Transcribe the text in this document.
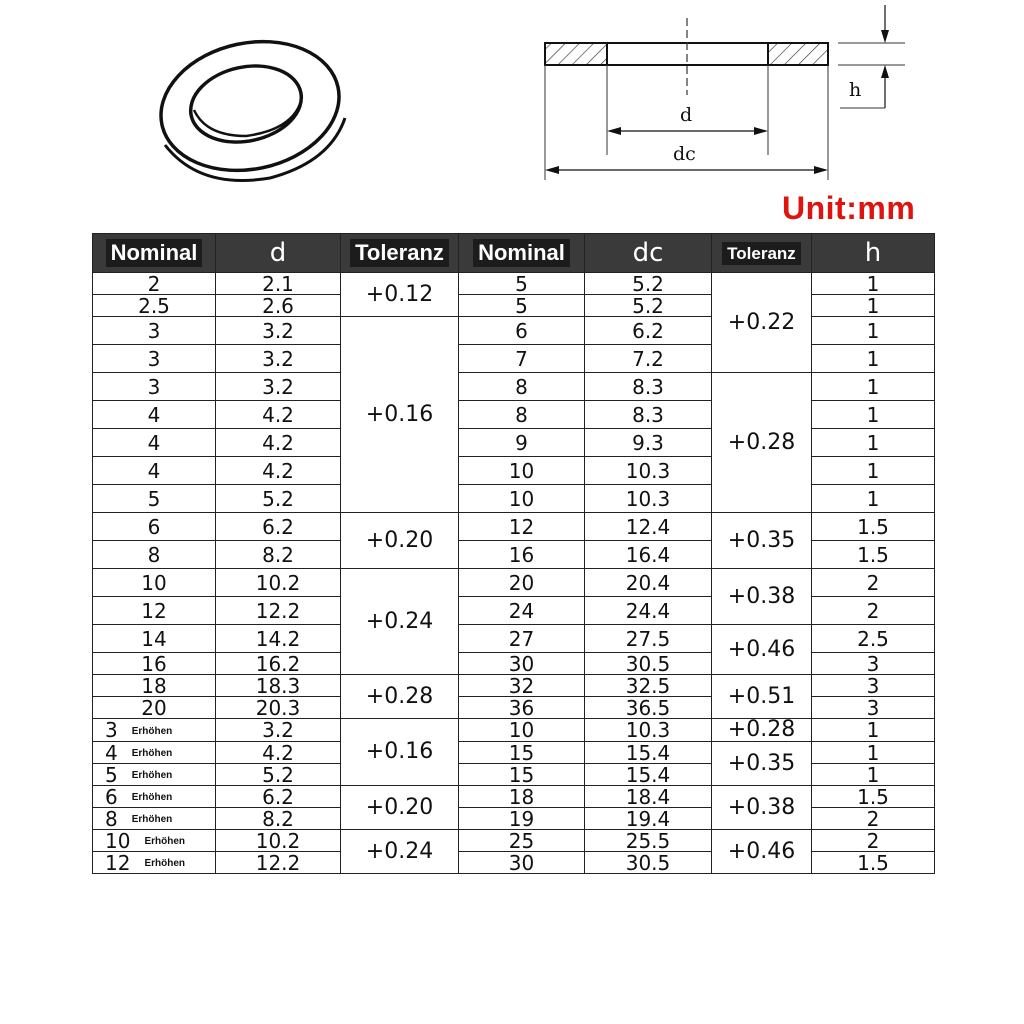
d
dc
h
Unit:mm
Nominal	d	Toleranz	Nominal	dc	Toleranz	h
2	2.1	+0.12	5	5.2	+0.22	1
2.5	2.6		5	5.2		1
3	3.2	+0.16	6	6.2		1
3	3.2		7	7.2		1
3	3.2		8	8.3	+0.28	1
4	4.2		8	8.3		1
4	4.2		9	9.3		1
4	4.2		10	10.3		1
5	5.2		10	10.3		1
6	6.2	+0.20	12	12.4	+0.35	1.5
8	8.2		16	16.4		1.5
10	10.2	+0.24	20	20.4	+0.38	2
12	12.2		24	24.4		2
14	14.2		27	27.5	+0.46	2.5
16	16.2		30	30.5		3
18	18.3	+0.28	32	32.5	+0.51	3
20	20.3		36	36.5		3
3 Erhöhen	3.2	+0.16	10	10.3	+0.28	1
4 Erhöhen	4.2		15	15.4	+0.35	1
5 Erhöhen	5.2		15	15.4		1
6 Erhöhen	6.2	+0.20	18	18.4	+0.38	1.5
8 Erhöhen	8.2		19	19.4		2
10 Erhöhen	10.2	+0.24	25	25.5	+0.46	2
12 Erhöhen	12.2		30	30.5		1.5
